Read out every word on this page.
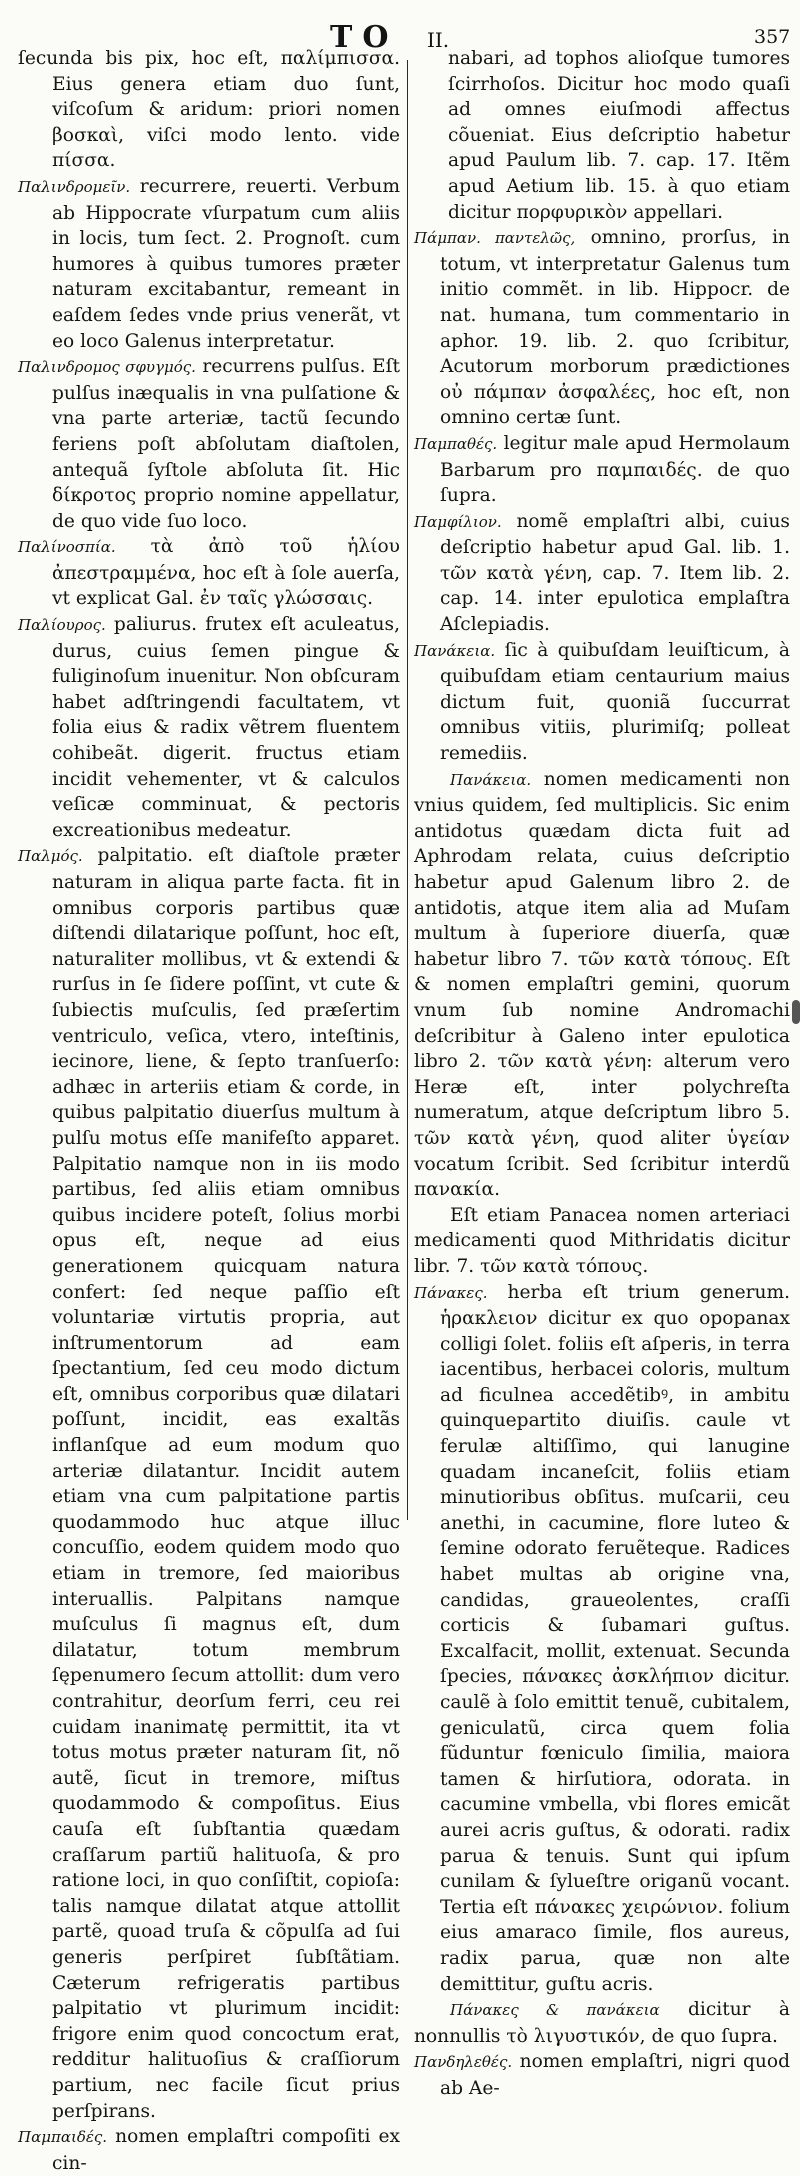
TO II.	357

ſecunda bis pix, hoc eſt, παλίμπισσα. Eius genera etiam duo ſunt, viſcoſum & aridum: priori nomen βοσκαὶ, viſci modo lento. vide πίσσα.

Παλινδρομεῖν. recurrere, reuerti. Verbum ab Hippocrate vſurpatum cum aliis in locis, tum ſect. 2. Prognoſt. cum humores à quibus tumores præter naturam excitabantur, remeant in eaſdem ſedes vnde prius venerãt, vt eo loco Galenus interpretatur.

Παλινδρομος σφυγμός. recurrens pulſus. Eſt pulſus inæqualis in vna pulſatione & vna parte arteriæ, tactũ ſecundo feriens poſt abſolutam diaſtolen, antequã ſyſtole abſoluta ſit. Hic δίκροτος proprio nomine appellatur, de quo vide ſuo loco.

Παλίνοσπία. τὰ ἀπὸ τοῦ ἡλίου ἀπεστραμμένα, hoc eſt à ſole auerſa, vt explicat Gal. ἐν ταῖς γλώσσαις.

Παλίουρος. paliurus. frutex eſt aculeatus, durus, cuius ſemen pingue & fuliginoſum inuenitur. Non obſcuram habet adſtringendi facultatem, vt folia eius & radix vẽtrem fluentem cohibeãt. digerit. fructus etiam incidit vehementer, vt & calculos veſicæ comminuat, & pectoris excreationibus medeatur.

Παλμός. palpitatio. eſt diaſtole præter naturam in aliqua parte facta. fit in omnibus corporis partibus quæ diſtendi dilatarique poſſunt, hoc eſt, naturaliter mollibus, vt & extendi & rurſus in ſe ſidere poſſint, vt cute & ſubiectis muſculis, ſed præſertim ventriculo, veſica, vtero, inteſtinis, iecinore, liene, & ſepto tranſuerſo: adhæc in arteriis etiam & corde, in quibus palpitatio diuerſus multum à pulſu motus eſſe manifeſto apparet. Palpitatio namque non in iis modo partibus, ſed aliis etiam omnibus quibus incidere poteſt, ſolius morbi opus eſt, neque ad eius generationem quicquam natura confert: ſed neque paſſio eſt voluntariæ virtutis propria, aut inſtrumentorum ad eam ſpectantium, ſed ceu modo dictum eſt, omnibus corporibus quæ dilatari poſſunt, incidit, eas exaltãs inflanſque ad eum modum quo arteriæ dilatantur. Incidit autem etiam vna cum palpitatione partis quodammodo huc atque illuc concuſſio, eodem quidem modo quo etiam in tremore, ſed maioribus interuallis. Palpitans namque muſculus ſi magnus eſt, dum dilatatur, totum membrum ſępenumero ſecum attollit: dum vero contrahitur, deorſum ferri, ceu rei cuidam inanimatę permittit, ita vt totus motus præter naturam ſit, nõ autẽ, ſicut in tremore, miſtus quodammodo & compoſitus. Eius cauſa eſt ſubſtantia quædam craſſarum partiũ halituoſa, & pro ratione loci, in quo conſiſtit, copioſa: talis namque dilatat atque attollit partẽ, quoad truſa & cõpulſa ad ſui generis perſpiret ſubſtãtiam. Cæterum refrigeratis partibus palpitatio vt plurimum incidit: frigore enim quod concoctum erat, redditur halituoſius & craſſiorum partium, nec facile ſicut prius perſpirans.

Παμπαιδές. nomen emplaſtri compoſiti ex cin-

nabari, ad tophos alioſque tumores ſcirrhoſos. Dicitur hoc modo quaſi ad omnes eiuſmodi affectus cõueniat. Eius deſcriptio habetur apud Paulum lib. 7. cap. 17. Itẽm apud Aetium lib. 15. à quo etiam dicitur πορφυρικὸν appellari.

Πάμπαν. παντελῶς, omnino, prorſus, in totum, vt interpretatur Galenus tum initio commẽt. in lib. Hippocr. de nat. humana, tum commentario in aphor. 19. lib. 2. quo ſcribitur, Acutorum morborum prædictiones οὐ πάμπαν ἀσφαλέες, hoc eſt, non omnino certæ ſunt.

Παμπαθές. legitur male apud Hermolaum Barbarum pro παμπαιδές. de quo ſupra.

Παμφίλιον. nomẽ emplaſtri albi, cuius deſcriptio habetur apud Gal. lib. 1. τῶν κατὰ γένη, cap. 7. Item lib. 2. cap. 14. inter epulotica emplaſtra Aſclepiadis.

Πανάκεια. ſic à quibuſdam leuiſticum, à quibuſdam etiam centaurium maius dictum fuit, quoniã ſuccurrat omnibus vitiis, plurimiſq; polleat remediis.

Πανάκεια. nomen medicamenti non vnius quidem, ſed multiplicis. Sic enim antidotus quædam dicta fuit ad Aphrodam relata, cuius deſcriptio habetur apud Galenum libro 2. de antidotis, atque item alia ad Muſam multum à ſuperiore diuerſa, quæ habetur libro 7. τῶν κατὰ τόπους. Eſt & nomen emplaſtri gemini, quorum vnum ſub nomine Andromachi deſcribitur à Galeno inter epulotica libro 2. τῶν κατὰ γένη: alterum vero Heræ eſt, inter polychreſta numeratum, atque deſcriptum libro 5. τῶν κατὰ γένη, quod aliter ὑγείαν vocatum ſcribit. Sed ſcribitur interdũ πανακία.

Eſt etiam Panacea nomen arteriaci medicamenti quod Mithridatis dicitur libr. 7. τῶν κατὰ τόπους.

Πάνακες. herba eſt trium generum. ἡρακλειον dicitur ex quo opopanax colligi ſolet. foliis eſt aſperis, in terra iacentibus, herbacei coloris, multum ad ficulnea accedẽtibꝰ, in ambitu quinquepartito diuiſis. caule vt ferulæ altiſſimo, qui lanugine quadam incaneſcit, foliis etiam minutioribus obſitus. muſcarii, ceu anethi, in cacumine, flore luteo & ſemine odorato feruẽteque. Radices habet multas ab origine vna, candidas, graueolentes, craſſi corticis & ſubamari guſtus. Excalfacit, mollit, extenuat. Secunda ſpecies, πάνακες ἀσκλήπιον dicitur. caulẽ à ſolo emittit tenuẽ, cubitalem, geniculatũ, circa quem folia fũduntur fœniculo ſimilia, maiora tamen & hirſutiora, odorata. in cacumine vmbella, vbi flores emicãt aurei acris guſtus, & odorati. radix parua & tenuis. Sunt qui ipſum cunilam & ſylueſtre origanũ vocant. Tertia eſt πάνακες χειρώνιον. folium eius amaraco ſimile, flos aureus, radix parua, quæ non alte demittitur, guſtu acris.

Πάνακες & πανάκεια dicitur à nonnullis τὸ λιγυστικόν, de quo ſupra.

Πανδηλεθές. nomen emplaſtri, nigri quod ab Ae-
